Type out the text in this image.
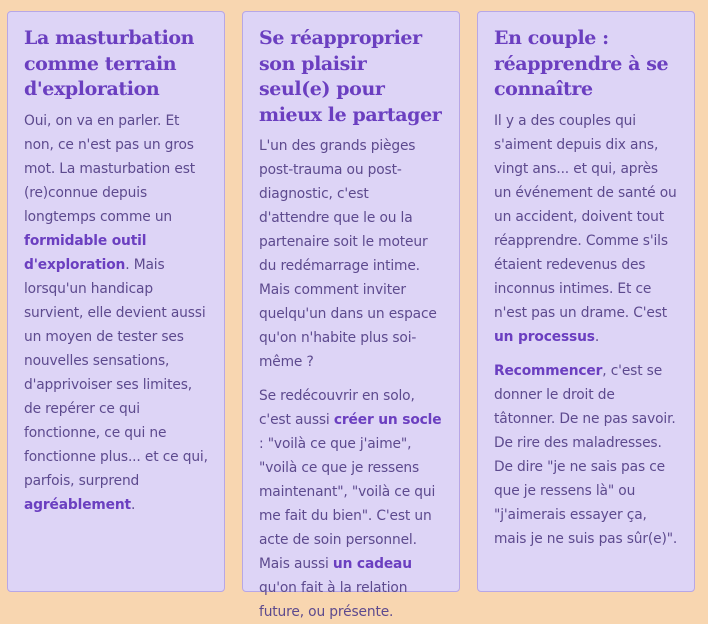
La masturbation comme terrain d'exploration

Oui, on va en parler. Et non, ce n'est pas un gros mot. La masturbation est (re)connue depuis longtemps comme un formidable outil d'exploration. Mais lorsqu'un handicap survient, elle devient aussi un moyen de tester ses nouvelles sensations, d'apprivoiser ses limites, de repérer ce qui fonctionne, ce qui ne fonctionne plus... et ce qui, parfois, surprend agréablement.

Se réapproprier son plaisir seul(e) pour mieux le partager

L'un des grands pièges post-trauma ou post-diagnostic, c'est d'attendre que le ou la partenaire soit le moteur du redémarrage intime. Mais comment inviter quelqu'un dans un espace qu'on n'habite plus soi-même ?

Se redécouvrir en solo, c'est aussi créer un socle : "voilà ce que j'aime", "voilà ce que je ressens maintenant", "voilà ce qui me fait du bien". C'est un acte de soin personnel. Mais aussi un cadeau qu'on fait à la relation future, ou présente.

En couple : réapprendre à se connaître

Il y a des couples qui s'aiment depuis dix ans, vingt ans... et qui, après un événement de santé ou un accident, doivent tout réapprendre. Comme s'ils étaient redevenus des inconnus intimes. Et ce n'est pas un drame. C'est un processus.

Recommencer, c'est se donner le droit de tâtonner. De ne pas savoir. De rire des maladresses. De dire "je ne sais pas ce que je ressens là" ou "j'aimerais essayer ça, mais je ne suis pas sûr(e)".
